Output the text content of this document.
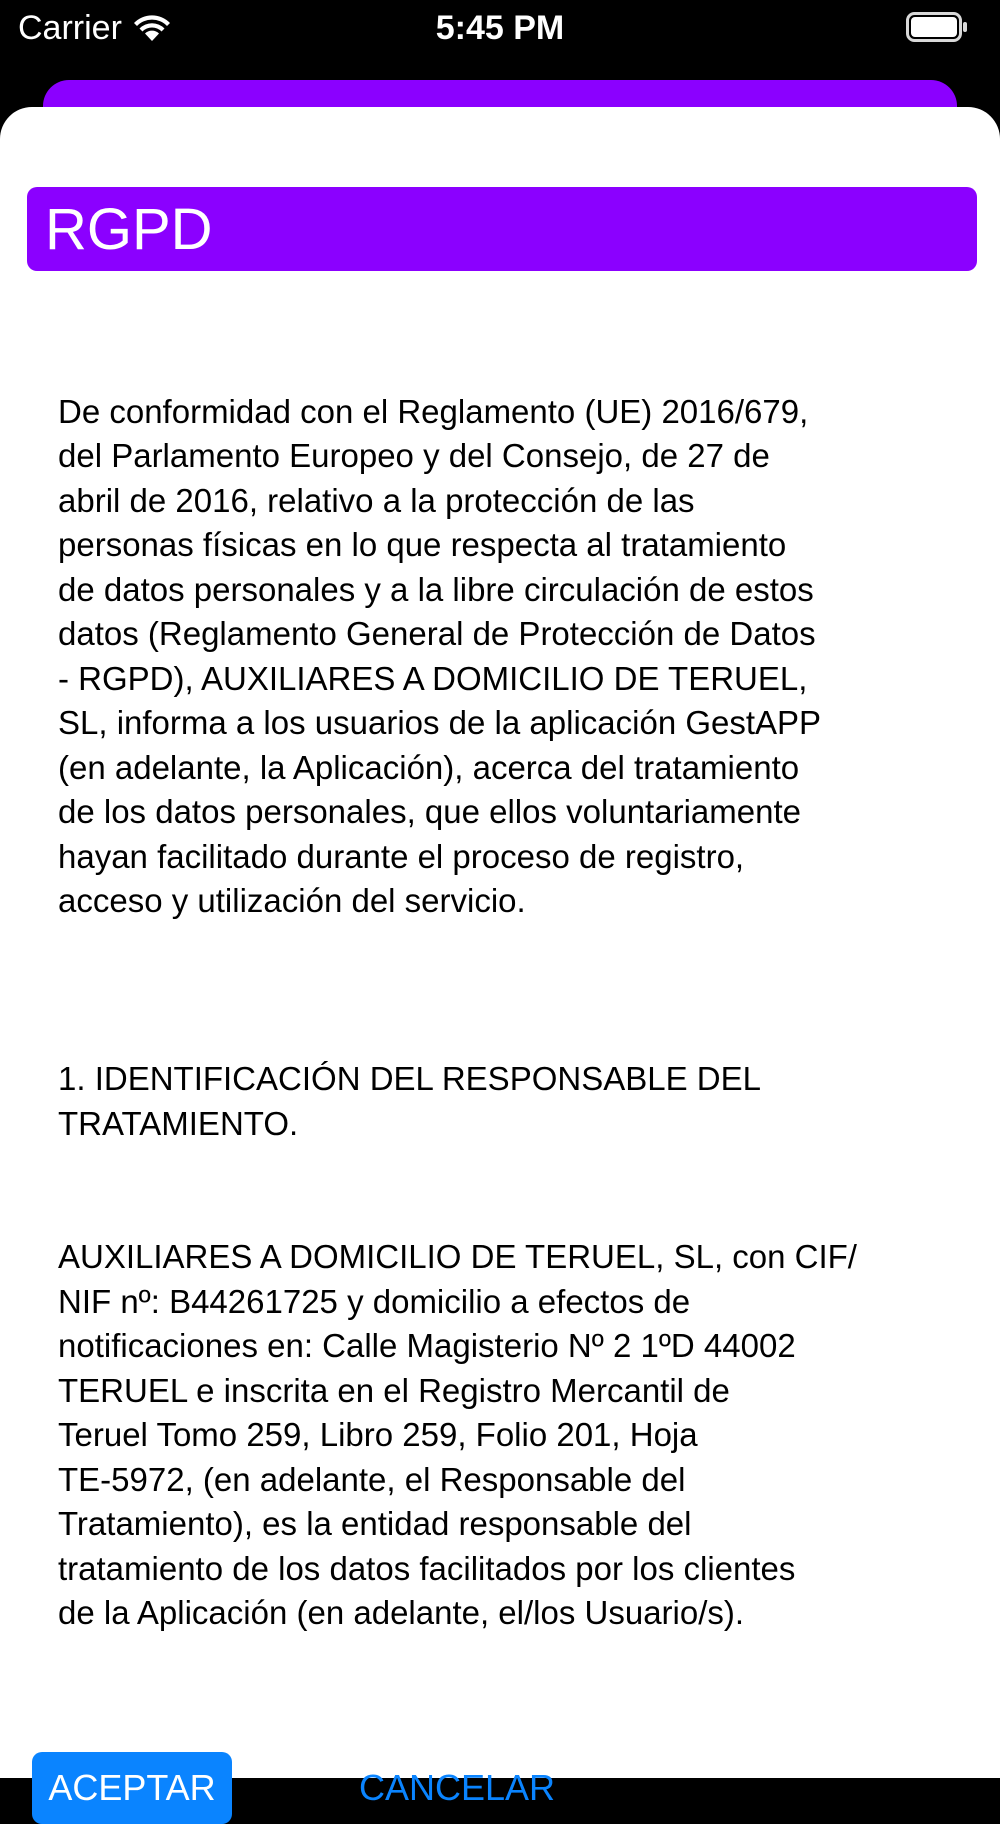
Carrier	5:45 PM
RGPD

De conformidad con el Reglamento (UE) 2016/679,
del Parlamento Europeo y del Consejo, de 27 de
abril de 2016, relativo a la protección de las
personas físicas en lo que respecta al tratamiento
de datos personales y a la libre circulación de estos
datos (Reglamento General de Protección de Datos
- RGPD), AUXILIARES A DOMICILIO DE TERUEL,
SL, informa a los usuarios de la aplicación GestAPP
(en adelante, la Aplicación), acerca del tratamiento
de los datos personales, que ellos voluntariamente
hayan facilitado durante el proceso de registro,
acceso y utilización del servicio.

1. IDENTIFICACIÓN DEL RESPONSABLE DEL
TRATAMIENTO.

AUXILIARES A DOMICILIO DE TERUEL, SL, con CIF/
NIF nº: B44261725 y domicilio a efectos de
notificaciones en: Calle Magisterio Nº 2 1ºD 44002
TERUEL e inscrita en el Registro Mercantil de
Teruel Tomo 259, Libro 259, Folio 201, Hoja
TE-5972, (en adelante, el Responsable del
Tratamiento), es la entidad responsable del
tratamiento de los datos facilitados por los clientes
de la Aplicación (en adelante, el/los Usuario/s).

ACEPTAR	CANCELAR
